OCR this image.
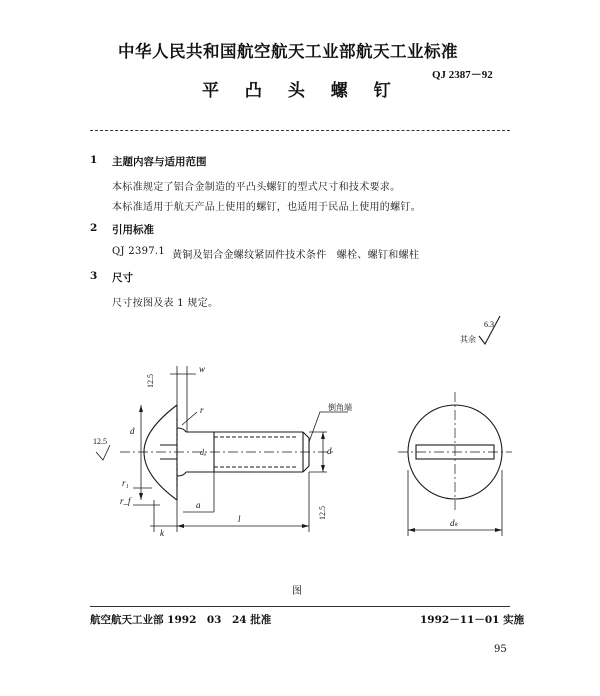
中华人民共和国航空航天工业部航天工业标准
QJ 2387－92
平 凸 头 螺 钉
1 主题内容与适用范围
本标准规定了铝合金制造的平凸头螺钉的型式尺寸和技术要求。
本标准适用于航天产品上使用的螺钉，也适用于民品上使用的螺钉。
2 引用标准
QJ 2397.1 黄铜及铝合金螺纹紧固件技术条件　螺栓、螺钉和螺柱
3 尺寸
尺寸按图及表 1 规定。
其余
6.3
倒角端
w
r
12.5
12.5
d
d
dₐ
r₁
r_f	a
k
l	12.5
dₖ
图
航空航天工业部 1992　03　24 批准	1992－11－01 实施
95
